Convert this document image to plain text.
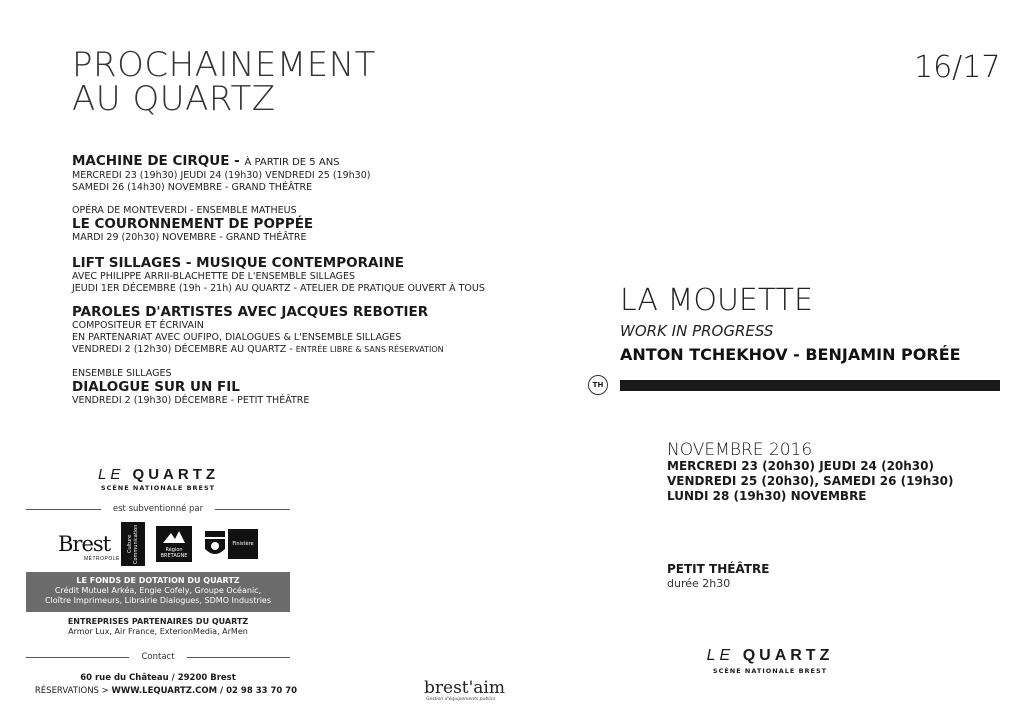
PROCHAINEMENT
AU QUARTZ
MACHINE DE CIRQUE - À PARTIR DE 5 ANS
MERCREDI 23 (19h30) JEUDI 24 (19h30) VENDREDI 25 (19h30)
SAMEDI 26 (14h30) NOVEMBRE - GRAND THÉÂTRE
OPÉRA DE MONTEVERDI - ENSEMBLE MATHEUS
LE COURONNEMENT DE POPPÉE
MARDI 29 (20h30) NOVEMBRE - GRAND THÉÂTRE
LIFT SILLAGES - MUSIQUE CONTEMPORAINE
AVEC PHILIPPE ARRII-BLACHETTE DE L'ENSEMBLE SILLAGES
JEUDI 1ER DÉCEMBRE (19h - 21h) AU QUARTZ - ATELIER DE PRATIQUE OUVERT À TOUS
PAROLES D'ARTISTES AVEC JACQUES REBOTIER
COMPOSITEUR ET ÉCRIVAIN
EN PARTENARIAT AVEC OUFIPO, DIALOGUES & L'ENSEMBLE SILLAGES
VENDREDI 2 (12h30) DÉCEMBRE AU QUARTZ - ENTRÉE LIBRE & SANS RÉSERVATION
ENSEMBLE SILLAGES
DIALOGUE SUR UN FIL
VENDREDI 2 (19h30) DÉCEMBRE - PETIT THÉÂTRE
LE QUARTZ
SCÈNE NATIONALE BREST
est subventionné par
Brest
MÉTROPOLE
Culture Communication	Région BRETAGNE
Finistère
LE FONDS DE DOTATION DU QUARTZ
Crédit Mutuel Arkéa, Engie Cofely, Groupe Océanic,
Cloître Imprimeurs, Librairie Dialogues, SDMO Industries
ENTREPRISES PARTENAIRES DU QUARTZ
Armor Lux, Air France, ExterionMedia, ArMen
Contact
60 rue du Château / 29200 Brest
RÉSERVATIONS > WWW.LEQUARTZ.COM / 02 98 33 70 70	brest'aim
Gestion d'équipements publics
16/17
LA MOUETTE
WORK IN PROGRESS
ANTON TCHEKHOV - BENJAMIN PORÉE
TH
NOVEMBRE 2016
MERCREDI 23 (20h30) JEUDI 24 (20h30)
VENDREDI 25 (20h30), SAMEDI 26 (19h30)
LUNDI 28 (19h30) NOVEMBRE
PETIT THÉÂTRE
durée 2h30
LE QUARTZ
SCÈNE NATIONALE BREST
